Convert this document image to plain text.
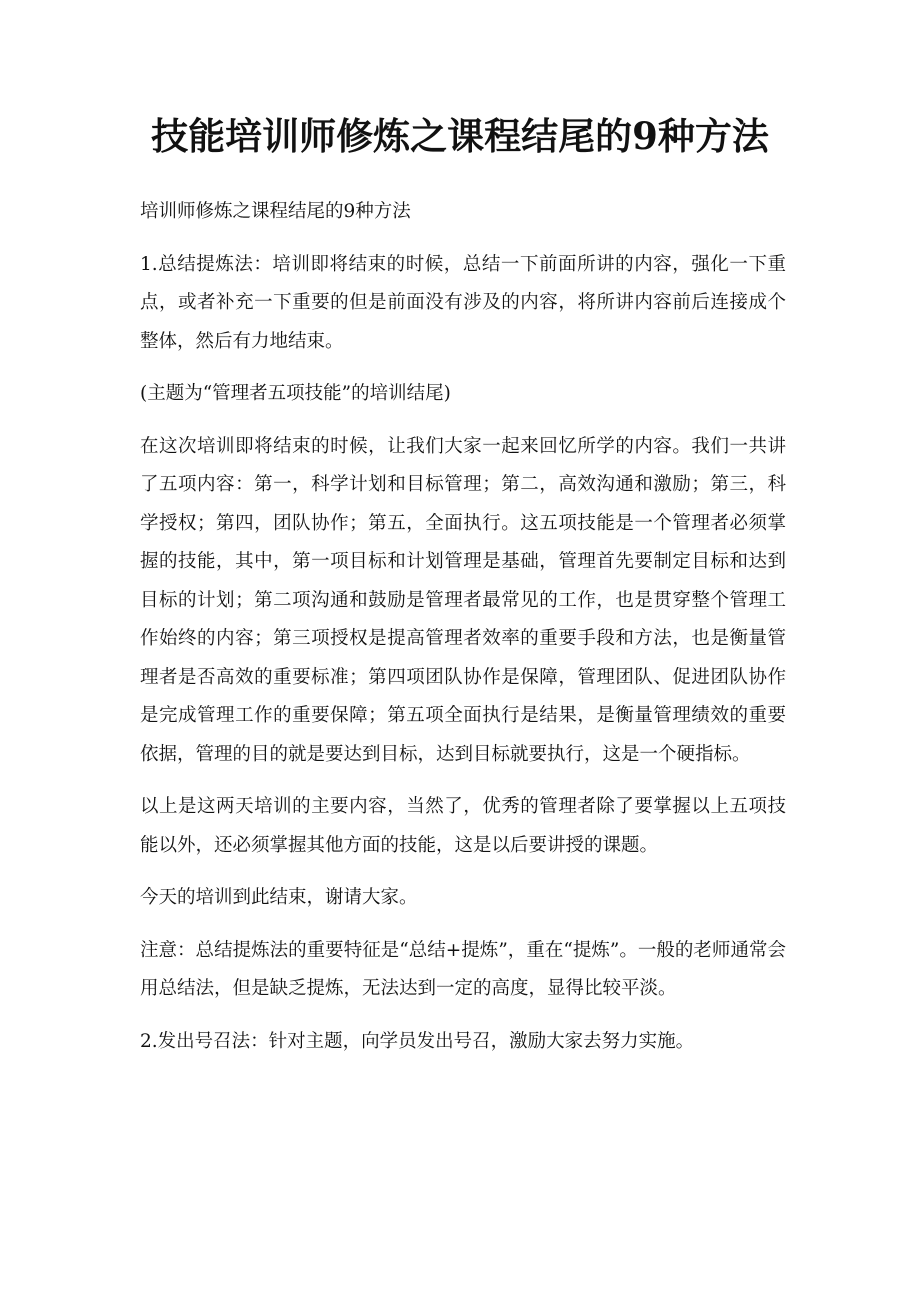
技能培训师修炼之课程结尾的9种方法

培训师修炼之课程结尾的9种方法

1.总结提炼法：培训即将结束的时候，总结一下前面所讲的内容，强化一下重点，或者补充一下重要的但是前面没有涉及的内容，将所讲内容前后连接成个整体，然后有力地结束。

(主题为“管理者五项技能”的培训结尾)

在这次培训即将结束的时候，让我们大家一起来回忆所学的内容。我们一共讲了五项内容：第一，科学计划和目标管理；第二，高效沟通和激励；第三，科学授权；第四，团队协作；第五，全面执行。这五项技能是一个管理者必须掌握的技能，其中，第一项目标和计划管理是基础，管理首先要制定目标和达到目标的计划；第二项沟通和鼓励是管理者最常见的工作，也是贯穿整个管理工作始终的内容；第三项授权是提高管理者效率的重要手段和方法，也是衡量管理者是否高效的重要标准；第四项团队协作是保障，管理团队、促进团队协作是完成管理工作的重要保障；第五项全面执行是结果，是衡量管理绩效的重要依据，管理的目的就是要达到目标，达到目标就要执行，这是一个硬指标。

以上是这两天培训的主要内容，当然了，优秀的管理者除了要掌握以上五项技能以外，还必须掌握其他方面的技能，这是以后要讲授的课题。

今天的培训到此结束，谢请大家。

注意：总结提炼法的重要特征是“总结+提炼”，重在“提炼”。一般的老师通常会用总结法，但是缺乏提炼，无法达到一定的高度，显得比较平淡。

2.发出号召法：针对主题，向学员发出号召，激励大家去努力实施。
